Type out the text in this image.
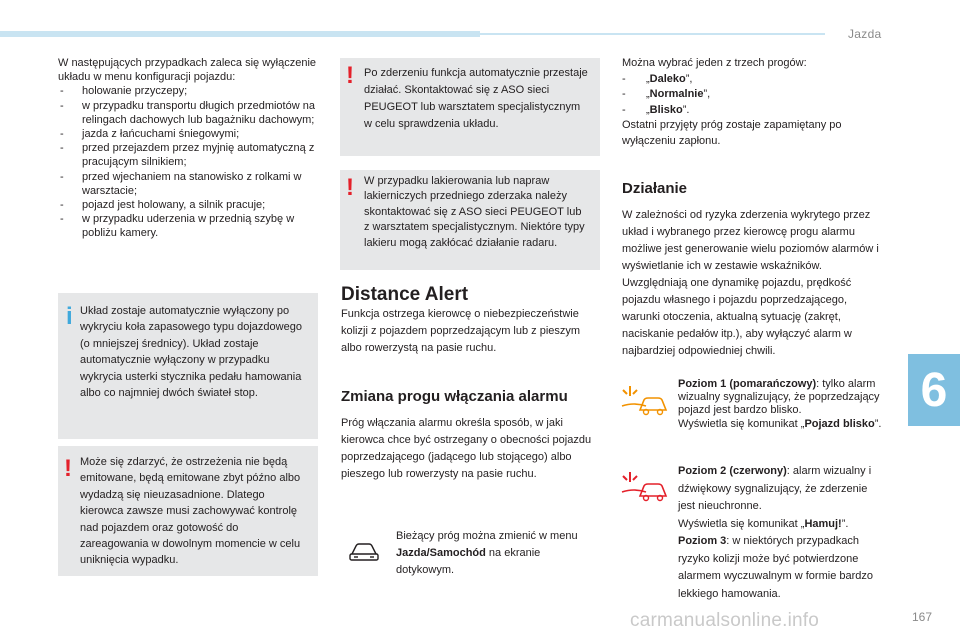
Jazda
6
167
carmanualsonline.info
W następujących przypadkach zaleca się wyłączenie układu w menu konfiguracji pojazdu:
- holowanie przyczepy;
- w przypadku transportu długich przedmiotów na relingach dachowych lub bagażniku dachowym;
- jazda z łańcuchami śniegowymi;
- przed przejazdem przez myjnię automatyczną z pracującym silnikiem;
- przed wjechaniem na stanowisko z rolkami w warsztacie;
- pojazd jest holowany, a silnik pracuje;
- w przypadku uderzenia w przednią szybę w pobliżu kamery.
i Układ zostaje automatycznie wyłączony po wykryciu koła zapasowego typu dojazdowego (o mniejszej średnicy). Układ zostaje automatycznie wyłączony w przypadku wykrycia usterki stycznika pedału hamowania albo co najmniej dwóch świateł stop.
! Może się zdarzyć, że ostrzeżenia nie będą emitowane, będą emitowane zbyt późno albo wydadzą się nieuzasadnione. Dlatego kierowca zawsze musi zachowywać kontrolę nad pojazdem oraz gotowość do zareagowania w dowolnym momencie w celu uniknięcia wypadku.
! Po zderzeniu funkcja automatycznie przestaje działać. Skontaktować się z ASO sieci PEUGEOT lub warsztatem specjalistycznym w celu sprawdzenia układu.
! W przypadku lakierowania lub napraw lakierniczych przedniego zderzaka należy skontaktować się z ASO sieci PEUGEOT lub z warsztatem specjalistycznym. Niektóre typy lakieru mogą zakłócać działanie radaru.
Distance Alert
Funkcja ostrzega kierowcę o niebezpieczeństwie kolizji z pojazdem poprzedzającym lub z pieszym albo rowerzystą na pasie ruchu.
Zmiana progu włączania alarmu
Próg włączania alarmu określa sposób, w jaki kierowca chce być ostrzegany o obecności pojazdu poprzedzającego (jadącego lub stojącego) albo pieszego lub rowerzysty na pasie ruchu.
Bieżący próg można zmienić w menu Jazda/Samochód na ekranie dotykowym.
Można wybrać jeden z trzech progów:
- „Daleko”,
- „Normalnie”,
- „Blisko”.
Ostatni przyjęty próg zostaje zapamiętany po wyłączeniu zapłonu.
Działanie
W zależności od ryzyka zderzenia wykrytego przez układ i wybranego przez kierowcę progu alarmu możliwe jest generowanie wielu poziomów alarmów i wyświetlanie ich w zestawie wskaźników. Uwzględniają one dynamikę pojazdu, prędkość pojazdu własnego i pojazdu poprzedzającego, warunki otoczenia, aktualną sytuację (zakręt, naciskanie pedałów itp.), aby wyłączyć alarm w najbardziej odpowiedniej chwili.
Poziom 1 (pomarańczowy): tylko alarm wizualny sygnalizujący, że poprzedzający pojazd jest bardzo blisko.
Wyświetla się komunikat „Pojazd blisko”.
Poziom 2 (czerwony): alarm wizualny i dźwiękowy sygnalizujący, że zderzenie jest nieuchronne.
Wyświetla się komunikat „Hamuj!”.
Poziom 3: w niektórych przypadkach ryzyko kolizji może być potwierdzone alarmem wyczuwalnym w formie bardzo lekkiego hamowania.
